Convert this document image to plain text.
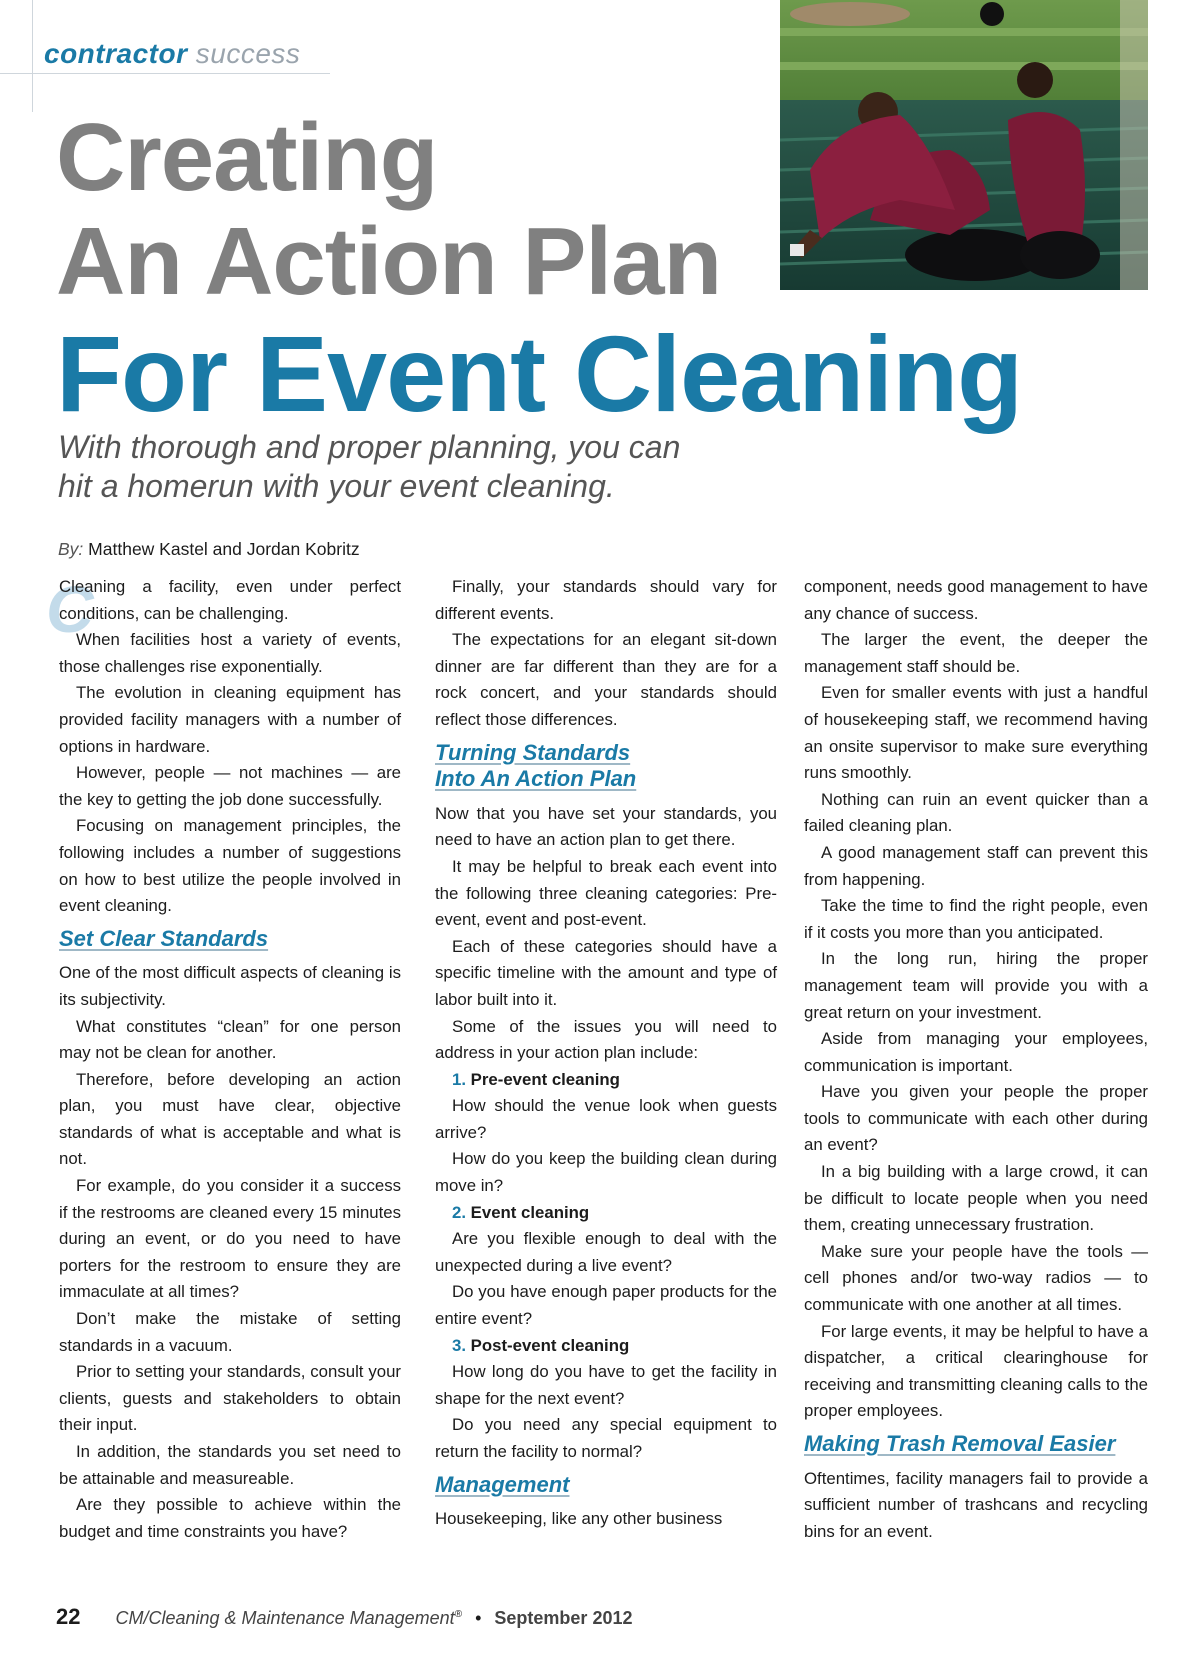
contractor success
Creating
An Action Plan
For Event Cleaning
With thorough and proper planning, you can
hit a homerun with your event cleaning.
By: Matthew Kastel and Jordan Kobritz
C

Cleaning a facility, even under perfect conditions, can be challenging.

When facilities host a variety of events, those challenges rise exponentially.

The evolution in cleaning equipment has provided facility managers with a number of options in hardware.

However, people — not machines — are the key to getting the job done successfully.

Focusing on management principles, the following includes a number of suggestions on how to best utilize the people involved in event cleaning.

Set Clear Standards

One of the most difficult aspects of cleaning is its subjectivity.

What constitutes “clean” for one person may not be clean for another.

Therefore, before developing an action plan, you must have clear, objective standards of what is acceptable and what is not.

For example, do you consider it a success if the restrooms are cleaned every 15 minutes during an event, or do you need to have porters for the restroom to ensure they are immaculate at all times?

Don’t make the mistake of setting standards in a vacuum.

Prior to setting your standards, consult your clients, guests and stakeholders to obtain their input.

In addition, the standards you set need to be attainable and measureable.

Are they possible to achieve within the budget and time constraints you have?

Finally, your standards should vary for different events.

The expectations for an elegant sit-down dinner are far different than they are for a rock concert, and your standards should reflect those differences.

Turning Standards
Into An Action Plan

Now that you have set your standards, you need to have an action plan to get there.

It may be helpful to break each event into the following three cleaning categories: Pre-event, event and post-event.

Each of these categories should have a specific timeline with the amount and type of labor built into it.

Some of the issues you will need to address in your action plan include:

1. Pre-event cleaning

How should the venue look when guests arrive?

How do you keep the building clean during move in?

2. Event cleaning

Are you flexible enough to deal with the unexpected during a live event?

Do you have enough paper products for the entire event?

3. Post-event cleaning

How long do you have to get the facility in shape for the next event?

Do you need any special equipment to return the facility to normal?

Management

Housekeeping, like any other business

component, needs good management to have any chance of success.

The larger the event, the deeper the management staff should be.

Even for smaller events with just a handful of housekeeping staff, we recommend having an onsite supervisor to make sure everything runs smoothly.

Nothing can ruin an event quicker than a failed cleaning plan.

A good management staff can prevent this from happening.

Take the time to find the right people, even if it costs you more than you anticipated.

In the long run, hiring the proper management team will provide you with a great return on your investment.

Aside from managing your employees, communication is important.

Have you given your people the proper tools to communicate with each other during an event?

In a big building with a large crowd, it can be difficult to locate people when you need them, creating unnecessary frustration.

Make sure your people have the tools — cell phones and/or two-way radios — to communicate with one another at all times.

For large events, it may be helpful to have a dispatcher, a critical clearinghouse for receiving and transmitting cleaning calls to the proper employees.

Making Trash Removal Easier

Oftentimes, facility managers fail to provide a sufficient number of trashcans and recycling bins for an event.

22 CM/Cleaning & Maintenance Management® • September 2012
